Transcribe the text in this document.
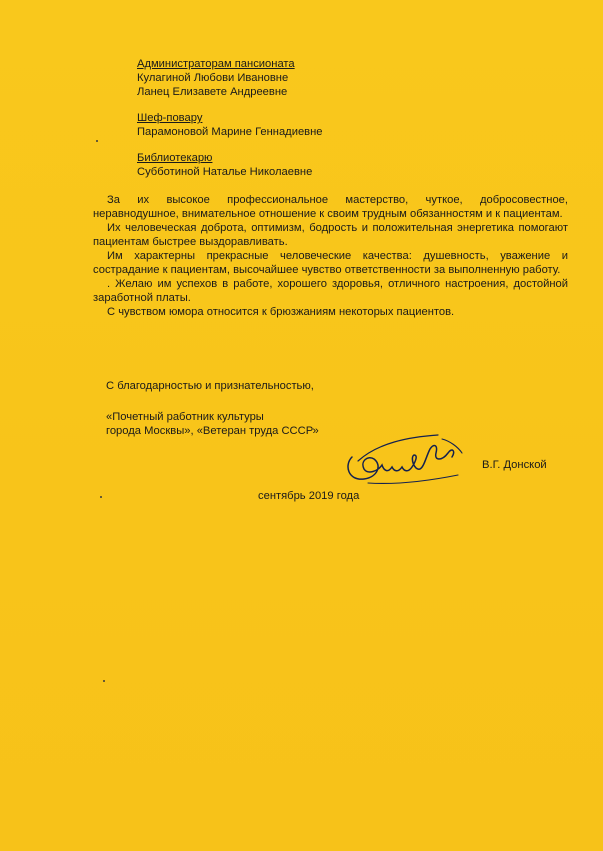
Администраторам пансионата
Кулагиной Любови Ивановне
Ланец Елизавете Андреевне
Шеф-повару
Парамоновой Марине Геннадиевне
Библиотекарю
Субботиной Наталье Николаевне

За их высокое профессиональное мастерство, чуткое, добросовестное, неравнодушное, внимательное отношение к своим трудным обязанностям и к пациентам.

Их человеческая доброта, оптимизм, бодрость и положительная энергетика помогают пациентам быстрее выздоравливать.

Им характерны прекрасные человеческие качества: душевность, уважение и сострадание к пациентам, высочайшее чувство ответственности за выполненную работу.

. Желаю им успехов в работе, хорошего здоровья, отличного настроения, достойной заработной платы.

С чувством юмора относится к брюзжаниям некоторых пациентов.

С благодарностью и признательностью,
«Почетный работник культуры
города Москвы», «Ветеран труда СССР»
В.Г. Донской
сентябрь 2019 года
